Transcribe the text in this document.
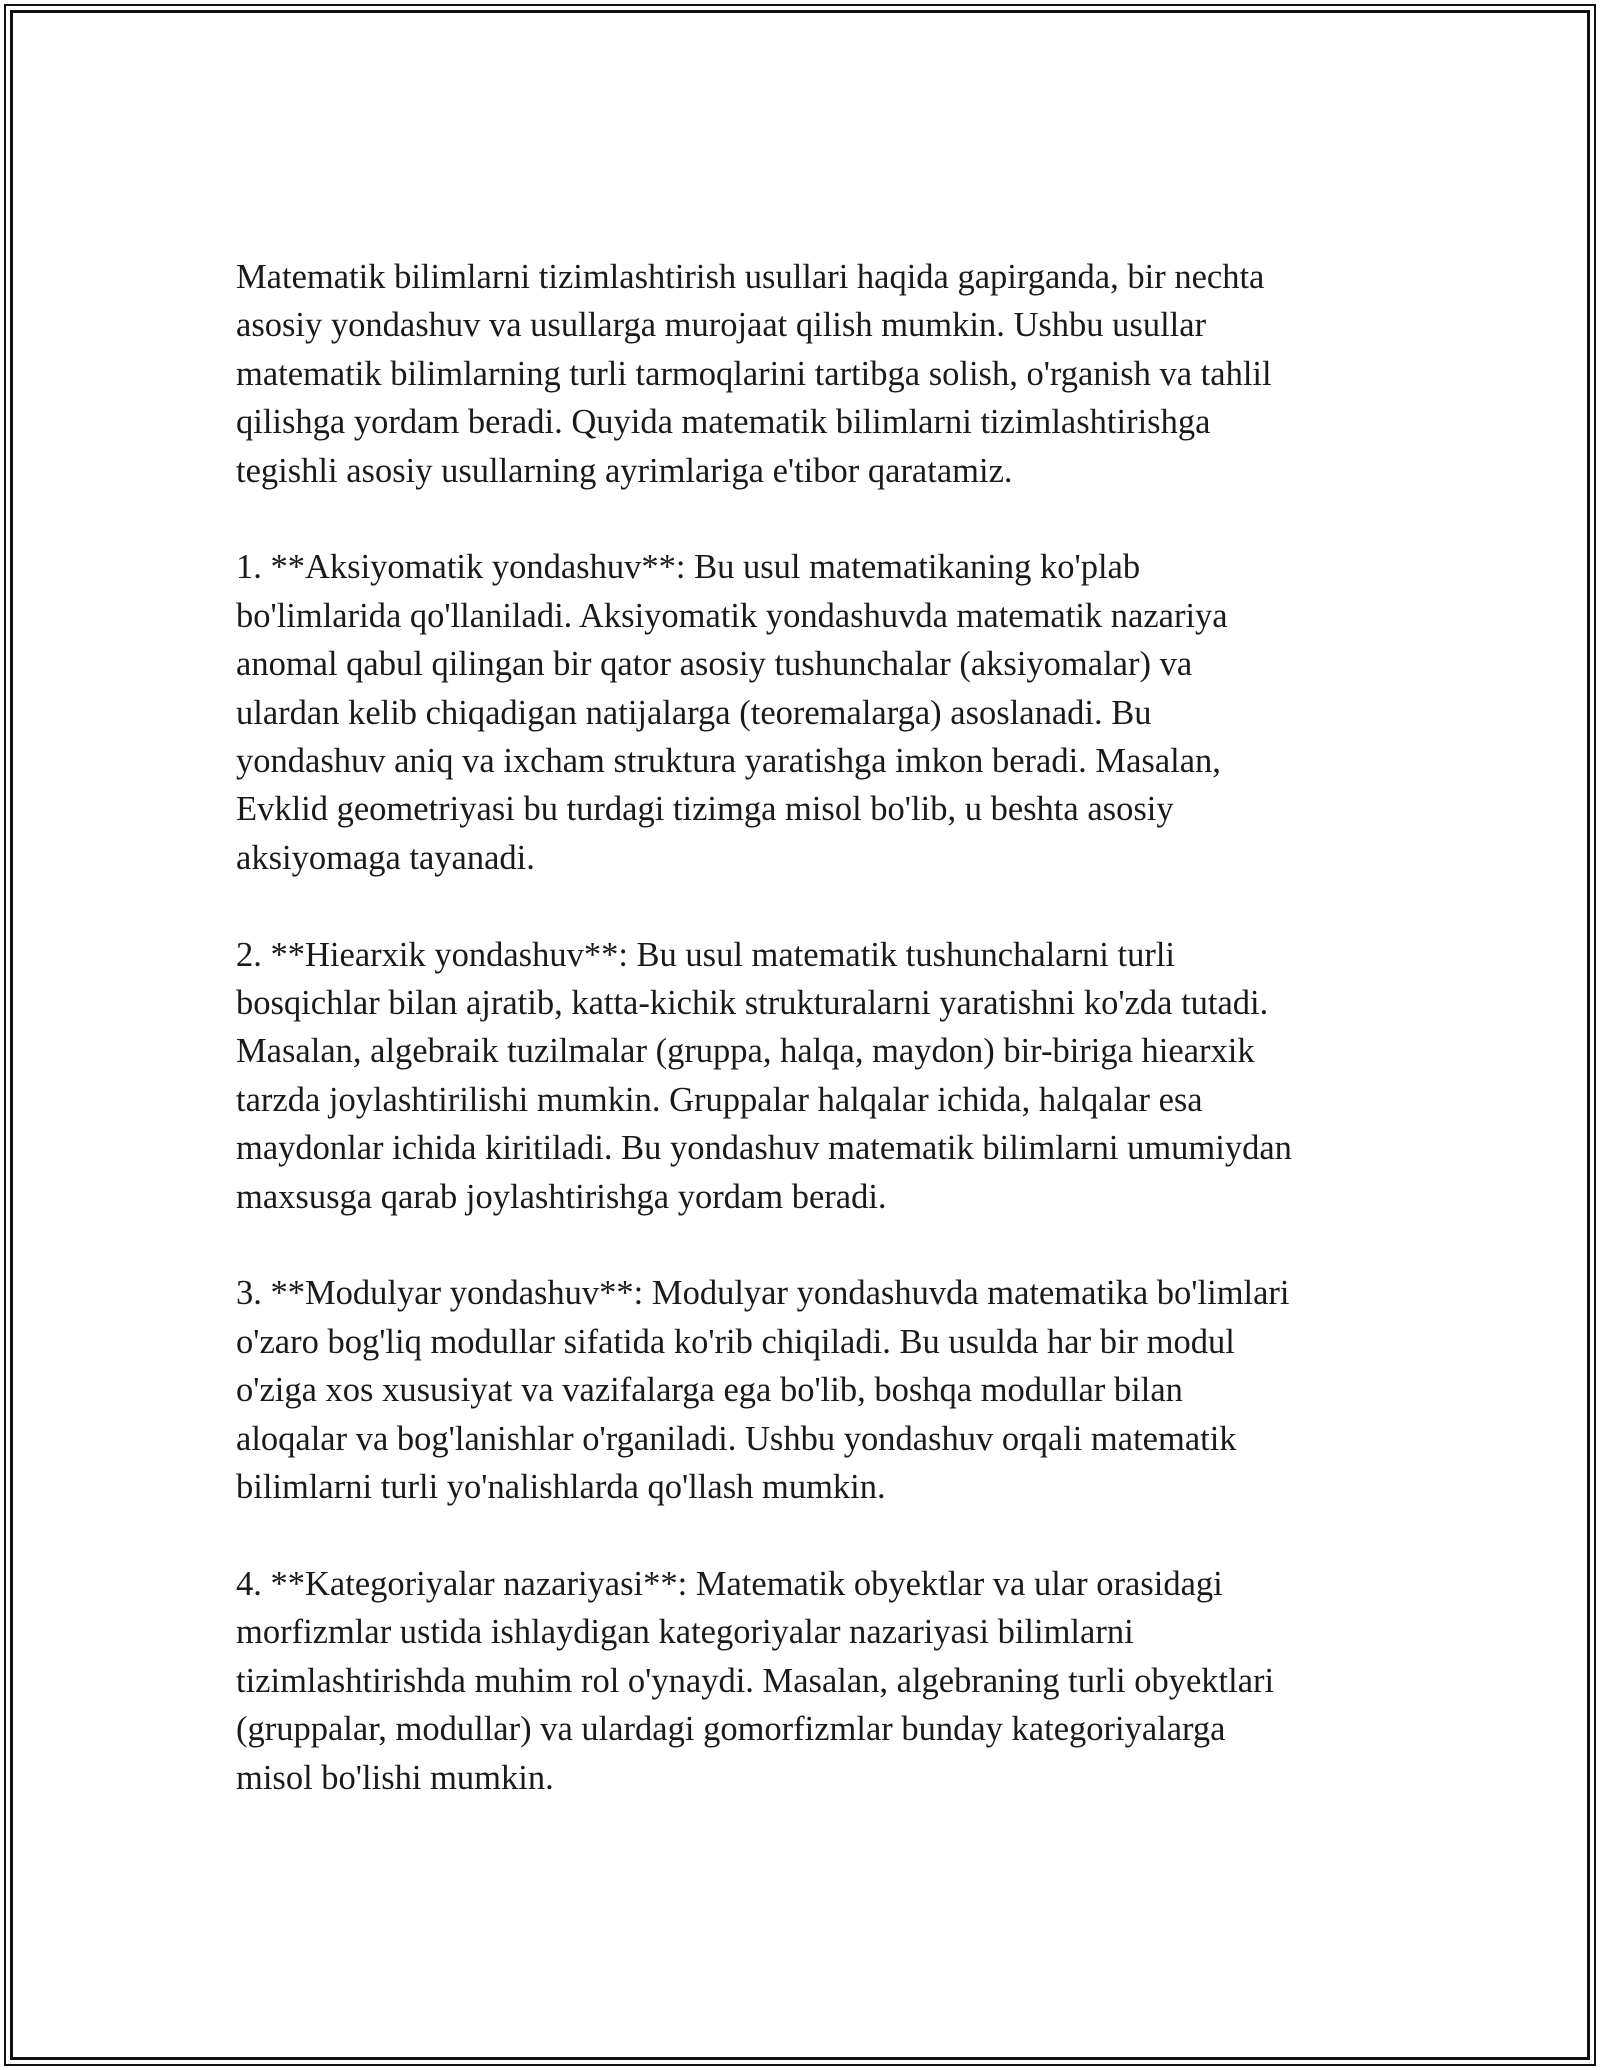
Matematik bilimlarni tizimlashtirish usullari haqida gapirganda, bir nechta
asosiy yondashuv va usullarga murojaat qilish mumkin. Ushbu usullar
matematik bilimlarning turli tarmoqlarini tartibga solish, o'rganish va tahlil
qilishga yordam beradi. Quyida matematik bilimlarni tizimlashtirishga
tegishli asosiy usullarning ayrimlariga e'tibor qaratamiz.

1. **Aksiyomatik yondashuv**: Bu usul matematikaning ko'plab
bo'limlarida qo'llaniladi. Aksiyomatik yondashuvda matematik nazariya
anomal qabul qilingan bir qator asosiy tushunchalar (aksiyomalar) va
ulardan kelib chiqadigan natijalarga (teoremalarga) asoslanadi. Bu
yondashuv aniq va ixcham struktura yaratishga imkon beradi. Masalan,
Evklid geometriyasi bu turdagi tizimga misol bo'lib, u beshta asosiy
aksiyomaga tayanadi.

2. **Hiearxik yondashuv**: Bu usul matematik tushunchalarni turli
bosqichlar bilan ajratib, katta-kichik strukturalarni yaratishni ko'zda tutadi.
Masalan, algebraik tuzilmalar (gruppa, halqa, maydon) bir-biriga hiearxik
tarzda joylashtirilishi mumkin. Gruppalar halqalar ichida, halqalar esa
maydonlar ichida kiritiladi. Bu yondashuv matematik bilimlarni umumiydan
maxsusga qarab joylashtirishga yordam beradi.

3. **Modulyar yondashuv**: Modulyar yondashuvda matematika bo'limlari
o'zaro bog'liq modullar sifatida ko'rib chiqiladi. Bu usulda har bir modul
o'ziga xos xususiyat va vazifalarga ega bo'lib, boshqa modullar bilan
aloqalar va bog'lanishlar o'rganiladi. Ushbu yondashuv orqali matematik
bilimlarni turli yo'nalishlarda qo'llash mumkin.

4. **Kategoriyalar nazariyasi**: Matematik obyektlar va ular orasidagi
morfizmlar ustida ishlaydigan kategoriyalar nazariyasi bilimlarni
tizimlashtirishda muhim rol o'ynaydi. Masalan, algebraning turli obyektlari
(gruppalar, modullar) va ulardagi gomorfizmlar bunday kategoriyalarga
misol bo'lishi mumkin.
